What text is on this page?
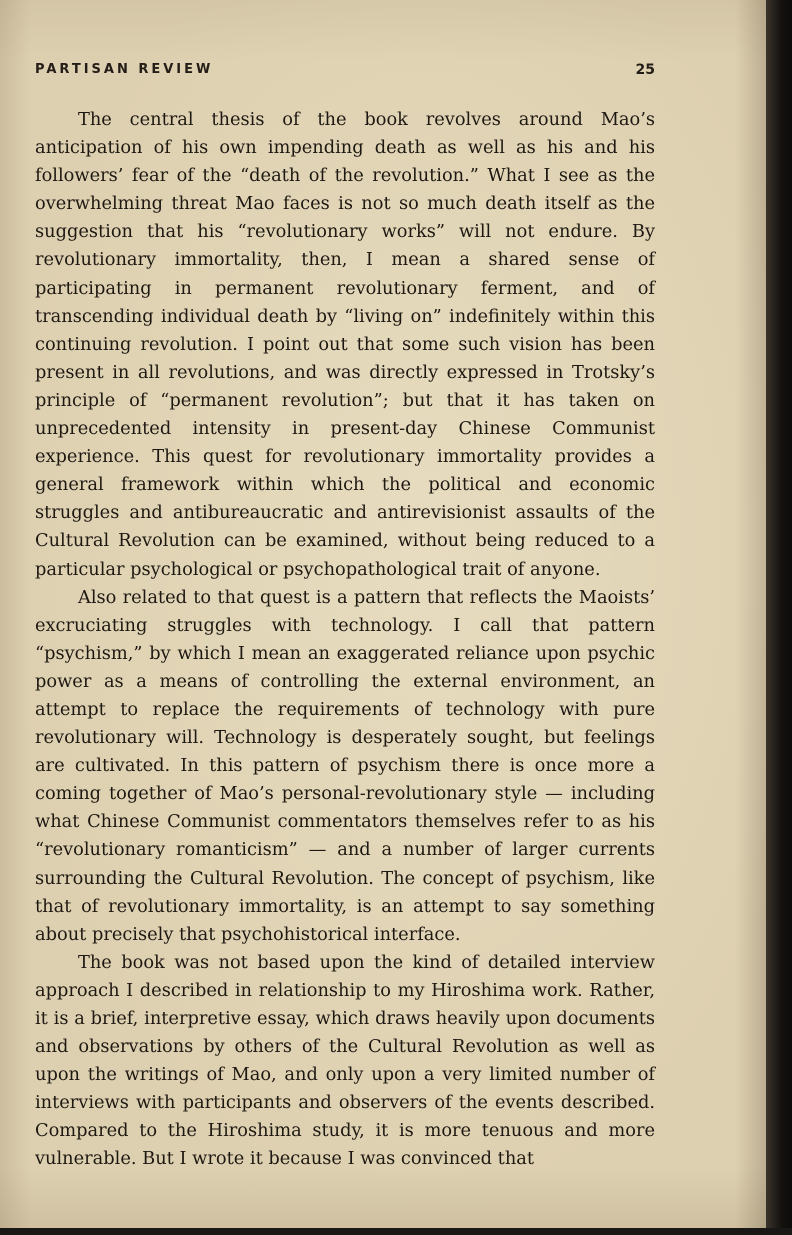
PARTISAN REVIEW	25

The central thesis of the book revolves around Mao’s anticipation of his own impending death as well as his and his followers’ fear of the “death of the revolution.” What I see as the overwhelming threat Mao faces is not so much death itself as the suggestion that his “revolutionary works” will not endure. By revolutionary immortality, then, I mean a shared sense of participating in permanent revolutionary ferment, and of transcending individual death by “living on” indefinitely within this continuing revolution. I point out that some such vision has been present in all revolutions, and was directly expressed in Trotsky’s principle of “permanent revolution”; but that it has taken on unprecedented intensity in present-day Chinese Communist experience. This quest for revolutionary immortality provides a general framework within which the political and economic struggles and antibureaucratic and antirevisionist assaults of the Cultural Revolution can be examined, without being reduced to a particular psychological or psychopathological trait of anyone.

Also related to that quest is a pattern that reflects the Maoists’ excruciating struggles with technology. I call that pattern “psychism,” by which I mean an exaggerated reliance upon psychic power as a means of controlling the external environment, an attempt to replace the requirements of technology with pure revolutionary will. Technology is desperately sought, but feelings are cultivated. In this pattern of psychism there is once more a coming together of Mao’s personal-revolutionary style — including what Chinese Communist commentators themselves refer to as his “revolutionary romanticism” — and a number of larger currents surrounding the Cultural Revolution. The concept of psychism, like that of revolutionary immortality, is an attempt to say something about precisely that psychohistorical interface.

The book was not based upon the kind of detailed interview approach I described in relationship to my Hiroshima work. Rather, it is a brief, interpretive essay, which draws heavily upon documents and observations by others of the Cultural Revolution as well as upon the writings of Mao, and only upon a very limited number of interviews with participants and observers of the events described. Compared to the Hiroshima study, it is more tenuous and more vulnerable. But I wrote it because I was convinced that
